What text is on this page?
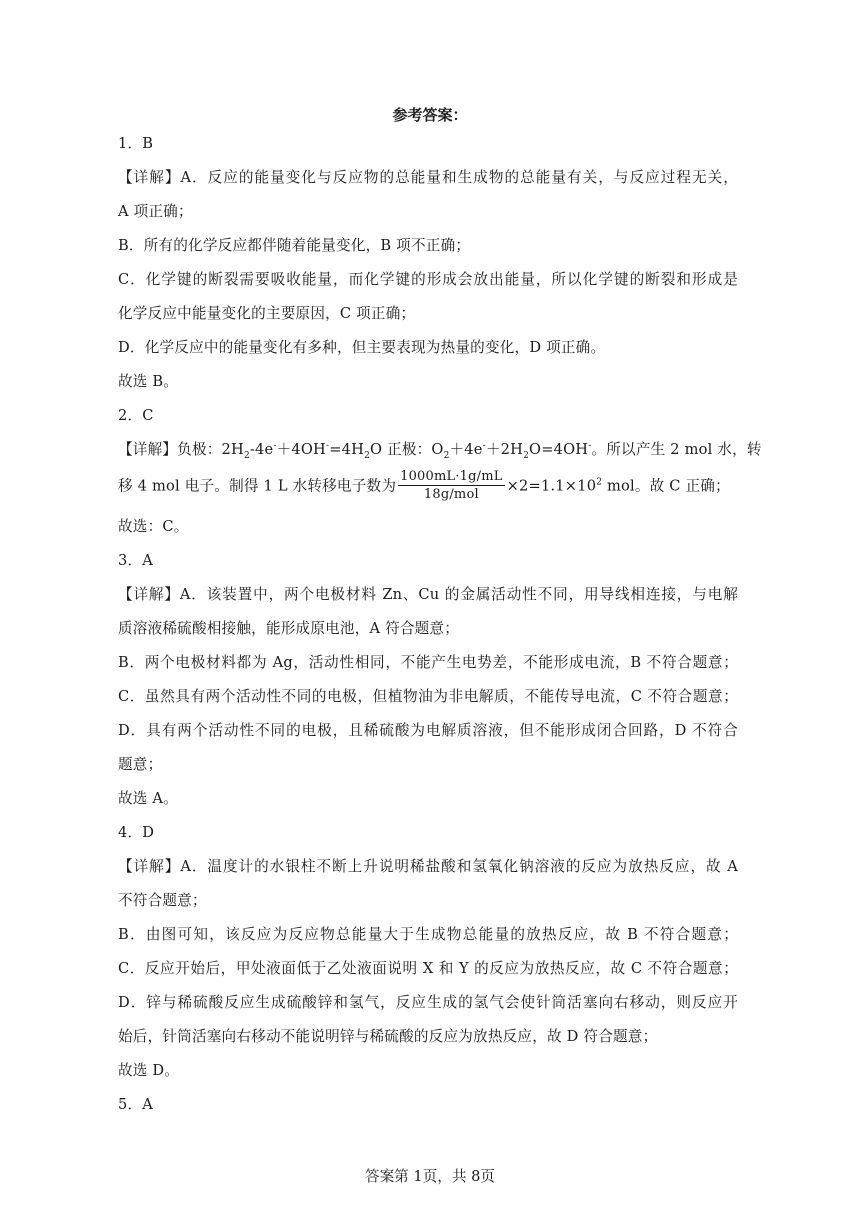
参考答案：
1．B
【详解】A．反应的能量变化与反应物的总能量和生成物的总能量有关，与反应过程无关，
A 项正确；
B．所有的化学反应都伴随着能量变化，B 项不正确；
C．化学键的断裂需要吸收能量，而化学键的形成会放出能量，所以化学键的断裂和形成是
化学反应中能量变化的主要原因，C 项正确；
D．化学反应中的能量变化有多种，但主要表现为热量的变化，D 项正确。
故选 B。
2．C
【详解】负极：$2H_2-4e^-+4OH^-=4H_2O$ 正极：$O_2+4e^-+2H_2O=4OH^-$。所以产生 2 mol 水，转
移 4 mol 电子。制得 1 L 水转移电子数为 $\frac{1000mL\cdot 1g/mL}{\text{18g/mol}} \times 2=1.1\times 10^2$ mol。故 C 正确；
故选：C。
3．A
【详解】A．该装置中，两个电极材料 Zn、Cu 的金属活动性不同，用导线相连接，与电解
质溶液稀硫酸相接触，能形成原电池，A 符合题意；
B．两个电极材料都为 Ag，活动性相同，不能产生电势差，不能形成电流，B 不符合题意；
C．虽然具有两个活动性不同的电极，但植物油为非电解质，不能传导电流，C 不符合题意；
D．具有两个活动性不同的电极，且稀硫酸为电解质溶液，但不能形成闭合回路，D 不符合
题意；
故选 A。
4．D
【详解】A．温度计的水银柱不断上升说明稀盐酸和氢氧化钠溶液的反应为放热反应，故 A
不符合题意；
B．由图可知，该反应为反应物总能量大于生成物总能量的放热反应，故 B 不符合题意；
C．反应开始后，甲处液面低于乙处液面说明 X 和 Y 的反应为放热反应，故 C 不符合题意；
D．锌与稀硫酸反应生成硫酸锌和氢气，反应生成的氢气会使针筒活塞向右移动，则反应开
始后，针筒活塞向右移动不能说明锌与稀硫酸的反应为放热反应，故 D 符合题意；
故选 D。
5．A
答案第 1页，共 8页
